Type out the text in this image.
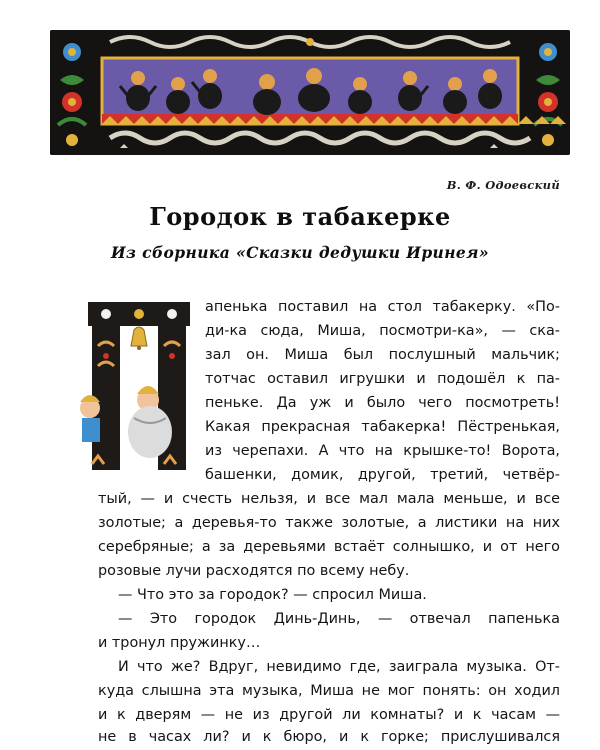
В. Ф. Одоевский
Городок в табакерке
Из сборника «Сказки дедушки Иринея»
апенька поставил на стол табакерку. «По-
ди-ка сюда, Миша, посмотри-ка», — ска-
зал он. Миша был послушный мальчик;
тотчас оставил игрушки и подошёл к па-
пеньке. Да уж и было чего посмотреть!
Какая прекрасная табакерка! Пёстренькая,
из черепахи. А что на крышке-то! Ворота,
башенки, домик, другой, третий, четвёр-
тый, — и счесть нельзя, и все мал мала меньше, и все
золотые; а деревья-то также золотые, а листики на них
серебряные; а за деревьями встаёт солнышко, и от него
розовые лучи расходятся по всему небу.
— Что это за городок? — спросил Миша.
— Это городок Динь-Динь, — отвечал папенька
и тронул пружинку…
И что же? Вдруг, невидимо где, заиграла музыка. От-
куда слышна эта музыка, Миша не мог понять: он ходил
и к дверям — не из другой ли комнаты? и к часам —
не в часах ли? и к бюро, и к горке; прислушивался
